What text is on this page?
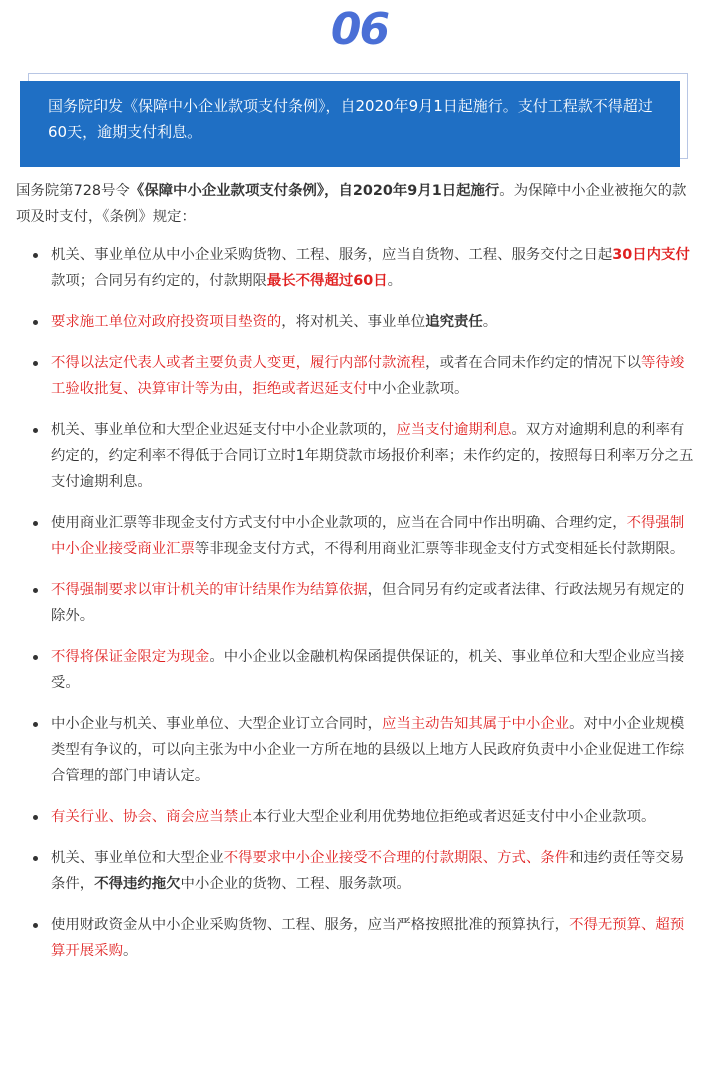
06
国务院印发《保障中小企业款项支付条例》，自2020年9月1日起施行。支付工程款不得超过60天，逾期支付利息。

国务院第728号令《保障中小企业款项支付条例》，自2020年9月1日起施行。为保障中小企业被拖欠的款项及时支付，《条例》规定：

机关、事业单位从中小企业采购货物、工程、服务，应当自货物、工程、服务交付之日起30日内支付款项；合同另有约定的，付款期限最长不得超过60日。
要求施工单位对政府投资项目垫资的，将对机关、事业单位追究责任。
不得以法定代表人或者主要负责人变更，履行内部付款流程，或者在合同未作约定的情况下以等待竣工验收批复、决算审计等为由，拒绝或者迟延支付中小企业款项。
机关、事业单位和大型企业迟延支付中小企业款项的，应当支付逾期利息。双方对逾期利息的利率有约定的，约定利率不得低于合同订立时1年期贷款市场报价利率；未作约定的，按照每日利率万分之五支付逾期利息。
使用商业汇票等非现金支付方式支付中小企业款项的，应当在合同中作出明确、合理约定，不得强制中小企业接受商业汇票等非现金支付方式，不得利用商业汇票等非现金支付方式变相延长付款期限。
不得强制要求以审计机关的审计结果作为结算依据，但合同另有约定或者法律、行政法规另有规定的除外。
不得将保证金限定为现金。中小企业以金融机构保函提供保证的，机关、事业单位和大型企业应当接受。
中小企业与机关、事业单位、大型企业订立合同时，应当主动告知其属于中小企业。对中小企业规模类型有争议的，可以向主张为中小企业一方所在地的县级以上地方人民政府负责中小企业促进工作综合管理的部门申请认定。
有关行业、协会、商会应当禁止本行业大型企业利用优势地位拒绝或者迟延支付中小企业款项。
机关、事业单位和大型企业不得要求中小企业接受不合理的付款期限、方式、条件和违约责任等交易条件，不得违约拖欠中小企业的货物、工程、服务款项。
使用财政资金从中小企业采购货物、工程、服务，应当严格按照批准的预算执行，不得无预算、超预算开展采购。
